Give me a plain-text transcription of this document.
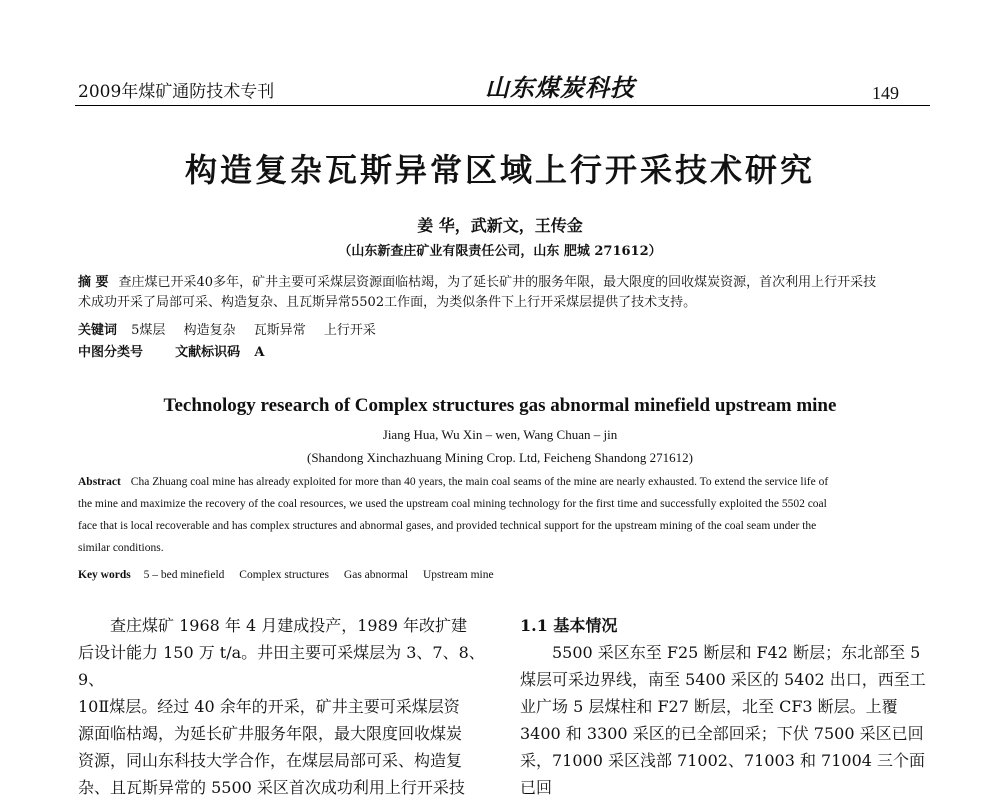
2009年煤矿通防技术专刊	山东煤炭科技	149
构造复杂瓦斯异常区域上行开采技术研究
姜 华，武新文，王传金
（山东新查庄矿业有限责任公司，山东 肥城 271612）
摘 要 查庄煤已开采40多年，矿井主要可采煤层资源面临枯竭，为了延长矿井的服务年限，最大限度的回收煤炭资源，首次利用上行开采技
术成功开采了局部可采、构造复杂、且瓦斯异常5502工作面，为类似条件下上行开采煤层提供了技术支持。
关键词 5煤层 构造复杂 瓦斯异常 上行开采
中图分类号 文献标识码 A
Technology research of Complex structures gas abnormal minefield upstream mine
Jiang Hua, Wu Xin – wen, Wang Chuan – jin
(Shandong Xinchazhuang Mining Crop. Ltd, Feicheng Shandong 271612)
Abstract Cha Zhuang coal mine has already exploited for more than 40 years, the main coal seams of the mine are nearly exhausted. To extend the service life of
the mine and maximize the recovery of the coal resources, we used the upstream coal mining technology for the first time and successfully exploited the 5502 coal
face that is local recoverable and has complex structures and abnormal gases, and provided technical support for the upstream mining of the coal seam under the
similar conditions.
Key words 5 – bed minefield Complex structures Gas abnormal Upstream mine
查庄煤矿 1968 年 4 月建成投产，1989 年改扩建
后设计能力 150 万 t/a。井田主要可采煤层为 3、7、8、9、
10Ⅱ煤层。经过 40 余年的开采，矿井主要可采煤层资
源面临枯竭，为延长矿井服务年限，最大限度回收煤炭
资源，同山东科技大学合作，在煤层局部可采、构造复
杂、且瓦斯异常的 5500 采区首次成功利用上行开采技
1.1 基本情况
5500 采区东至 F25 断层和 F42 断层；东北部至 5
煤层可采边界线，南至 5400 采区的 5402 出口，西至工
业广场 5 层煤柱和 F27 断层，北至 CF3 断层。上覆
3400 和 3300 采区的已全部回采；下伏 7500 采区已回
采，71000 采区浅部 71002、71003 和 71004 三个面已回
